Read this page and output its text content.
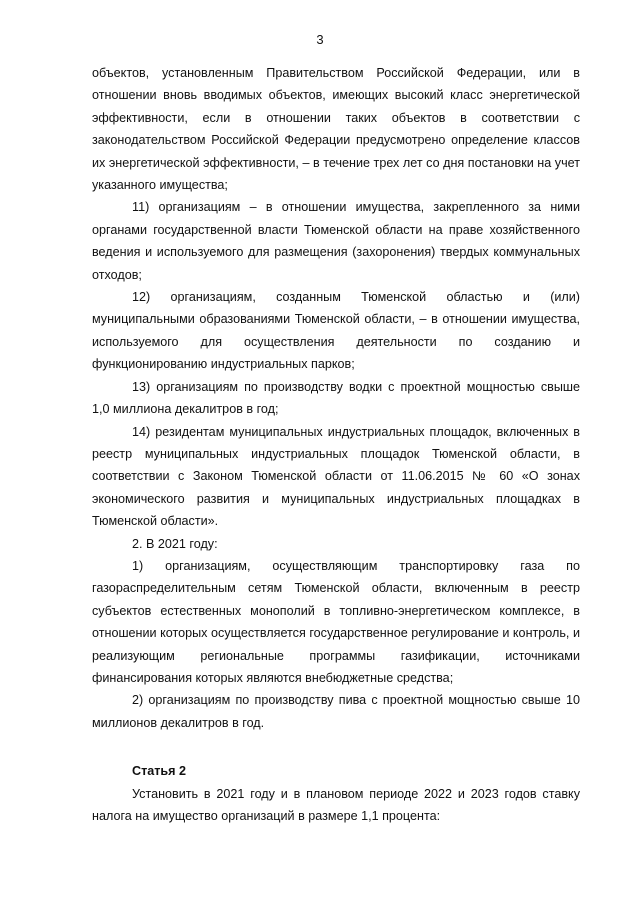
3

объектов, установленным Правительством Российской Федерации, или в отношении вновь вводимых объектов, имеющих высокий класс энергетической эффективности, если в отношении таких объектов в соответствии с законодательством Российской Федерации предусмотрено определение классов их энергетической эффективности, – в течение трех лет со дня постановки на учет указанного имущества;

11) организациям – в отношении имущества, закрепленного за ними органами государственной власти Тюменской области на праве хозяйственного ведения и используемого для размещения (захоронения) твердых коммунальных отходов;

12) организациям, созданным Тюменской областью и (или) муниципальными образованиями Тюменской области, – в отношении имущества, используемого для осуществления деятельности по созданию и функционированию индустриальных парков;

13) организациям по производству водки с проектной мощностью свыше 1,0 миллиона декалитров в год;

14) резидентам муниципальных индустриальных площадок, включенных в реестр муниципальных индустриальных площадок Тюменской области, в соответствии с Законом Тюменской области от 11.06.2015 № 60 «О зонах экономического развития и муниципальных индустриальных площадках в Тюменской области».

2. В 2021 году:

1) организациям, осуществляющим транспортировку газа по газораспределительным сетям Тюменской области, включенным в реестр субъектов естественных монополий в топливно-энергетическом комплексе, в отношении которых осуществляется государственное регулирование и контроль, и реализующим региональные программы газификации, источниками финансирования которых являются внебюджетные средства;

2) организациям по производству пива с проектной мощностью свыше 10 миллионов декалитров в год.

Статья 2

Установить в 2021 году и в плановом периоде 2022 и 2023 годов ставку налога на имущество организаций в размере 1,1 процента:
